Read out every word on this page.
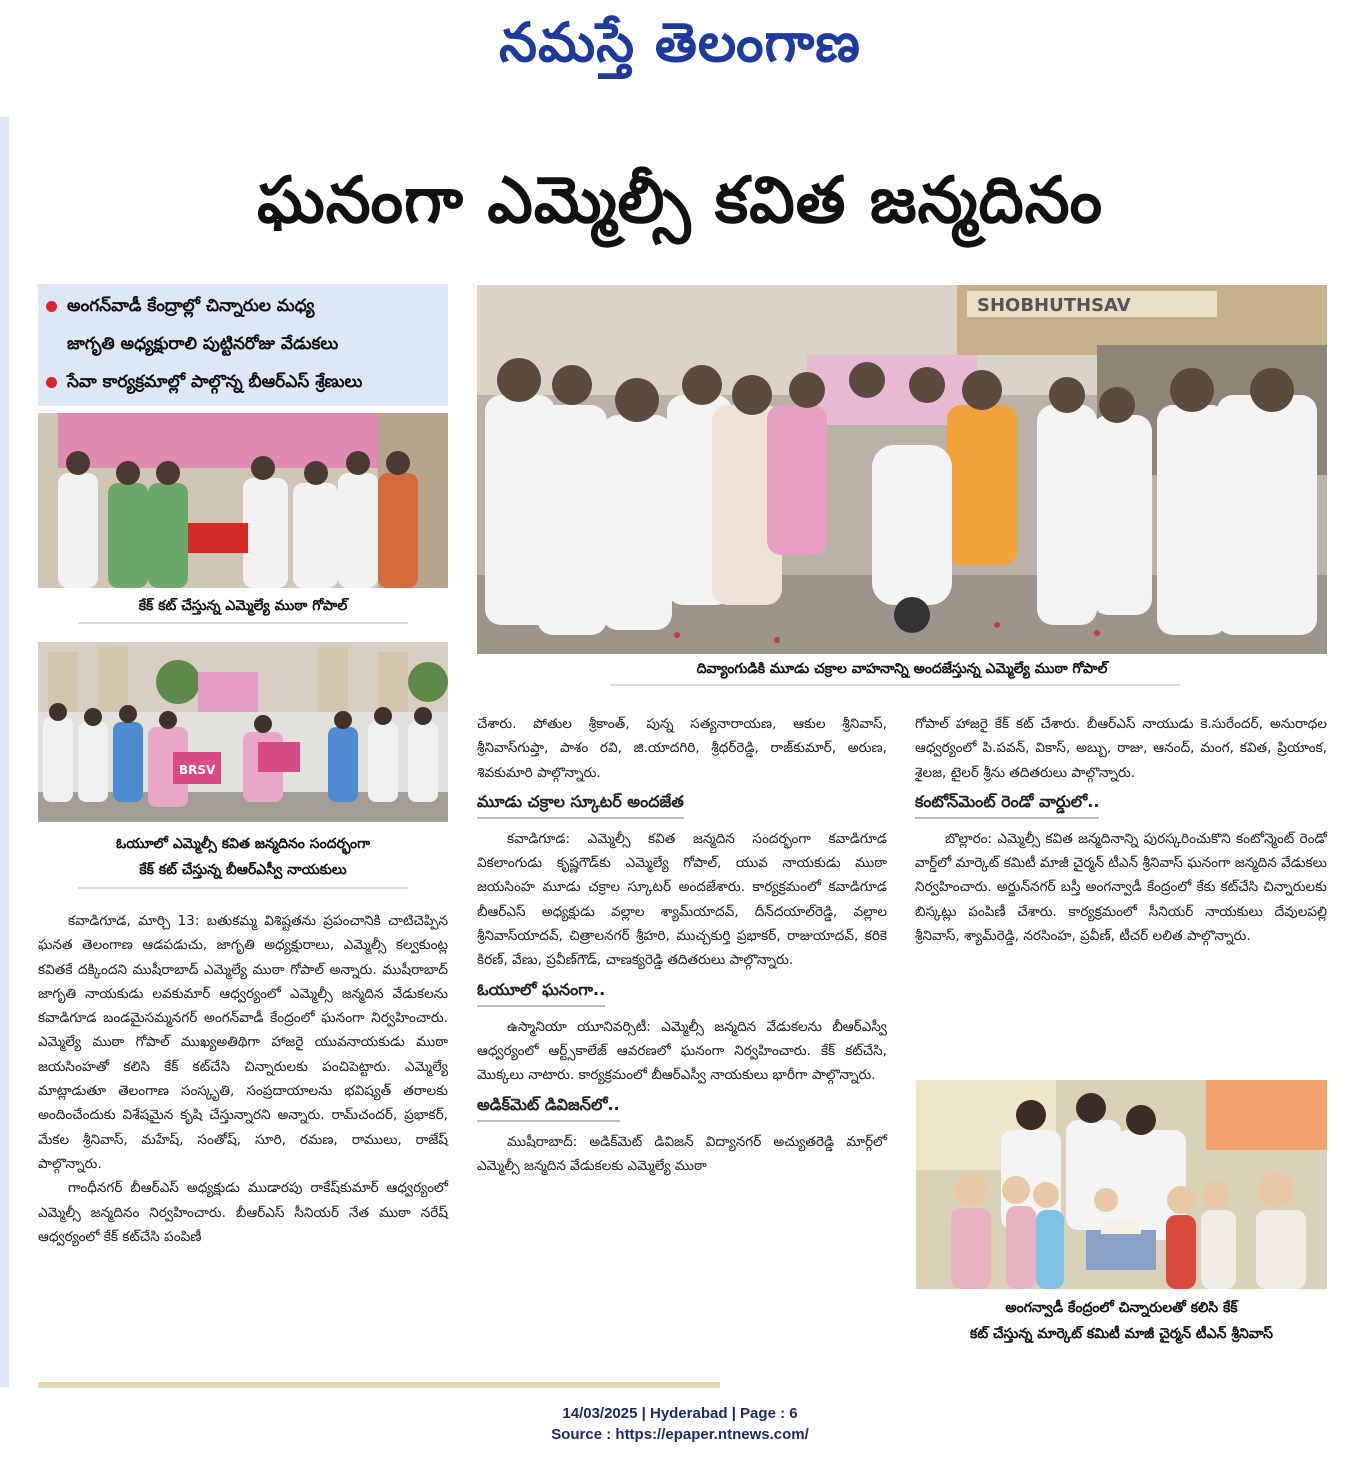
నమస్తే తెలంగాణ
ఘనంగా ఎమ్మెల్సీ కవిత జన్మదినం
అంగన్‌వాడీ కేంద్రాల్లో చిన్నారుల మధ్య
జాగృతి అధ్యక్షురాలి పుట్టినరోజు వేడుకలు
సేవా కార్యక్రమాల్లో పాల్గొన్న బీఆర్‌ఎస్ శ్రేణులు
SHOBHUTHSAV
దివ్యాంగుడికి మూడు చక్రాల వాహనాన్ని అందజేస్తున్న ఎమ్మెల్యే ముఠా గోపాల్
కేక్ కట్ చేస్తున్న ఎమ్మెల్యే ముఠా గోపాల్
BRSV
ఓయూలో ఎమ్మెల్సీ కవిత జన్మదినం సందర్భంగా
కేక్ కట్ చేస్తున్న బీఆర్‌ఎస్వీ నాయకులు

కవాడిగూడ, మార్చి 13: బతుకమ్మ విశిష్టతను ప్రపంచానికి చాటిచెప్పిన ఘనత తెలంగాణ ఆడపడుచు, జాగృతి అధ్యక్షురాలు, ఎమ్మెల్సీ కల్వకుంట్ల కవితకే దక్కిందని ముషీరాబాద్ ఎమ్మెల్యే ముఠా గోపాల్ అన్నారు. ముషీరాబాద్ జాగృతి నాయకుడు లవకుమార్ ఆధ్వర్యంలో ఎమ్మెల్సీ జన్మదిన వేడుకలను కవాడిగూడ బండమైసమ్మనగర్ అంగన్‌వాడీ కేంద్రంలో ఘనంగా నిర్వహించారు. ఎమ్మెల్యే ముఠా గోపాల్ ముఖ్యఅతిథిగా హాజరై యువనాయకుడు ముఠా జయసింహతో కలిసి కేక్ కట్‌చేసి చిన్నారులకు పంచిపెట్టారు. ఎమ్మెల్యే మాట్లాడుతూ తెలంగాణ సంస్కృతి, సంప్రదాయాలను భవిష్యత్ తరాలకు అందించేందుకు విశేషమైన కృషి చేస్తున్నారని అన్నారు. రామ్‌చందర్, ప్రభాకర్, మేకల శ్రీనివాస్, మహేష్, సంతోష్, సూరి, రమణ, రాములు, రాజేష్ పాల్గొన్నారు.

గాంధీనగర్ బీఆర్‌ఎస్ అధ్యక్షుడు ముడారపు రాకేష్‌కుమార్ ఆధ్వర్యంలో ఎమ్మెల్సీ జన్మదినం నిర్వహించారు. బీఆర్‌ఎస్ సీనియర్ నేత ముఠా నరేష్ ఆధ్వర్యంలో కేక్ కట్‌చేసి పంపిణీ

చేశారు. పోతుల శ్రీకాంత్, పున్న సత్యనారాయణ, ఆకుల శ్రీనివాస్, శ్రీనివాస్‌గుప్తా, పాశం రవి, జి.యాదగిరి, శ్రీధర్‌రెడ్డి, రాజ్‌కుమార్, అరుణ, శివకుమారి పాల్గొన్నారు.

మూడు చక్రాల స్కూటర్ అందజేత

కవాడిగూడ: ఎమ్మెల్సీ కవిత జన్మదిన సందర్భంగా కవాడిగూడ వికలాంగుడు కృష్ణగౌడ్‌కు ఎమ్మెల్యే గోపాల్, యువ నాయకుడు ముఠా జయసింహ మూడు చక్రాల స్కూటర్ అందజేశారు. కార్యక్రమంలో కవాడిగూడ బీఆర్‌ఎస్ అధ్యక్షుడు వల్లాల శ్యామ్‌యాదవ్, దీన్‌దయాల్‌రెడ్డి, వల్లాల శ్రీనివాస్‌యాదవ్, చిత్రాలనగర్ శ్రీహరి, ముచ్చకుర్తి ప్రభాకర్, రాజుయాదవ్, కరికె కిరణ్, వేణు, ప్రవీణ్‌గౌడ్, చాణక్యరెడ్డి తదితరులు పాల్గొన్నారు.

ఓయూలో ఘనంగా..

ఉస్మానియా యూనివర్సిటీ: ఎమ్మెల్సీ జన్మదిన వేడుకలను బీఆర్‌ఎస్వీ ఆధ్వర్యంలో ఆర్ట్స్‌కాలేజ్ ఆవరణలో ఘనంగా నిర్వహించారు. కేక్ కట్‌చేసి, మొక్కలు నాటారు. కార్యక్రమంలో బీఆర్‌ఎస్వీ నాయకులు భారీగా పాల్గొన్నారు.

అడిక్‌మెట్ డివిజన్‌లో..

ముషీరాబాద్: అడిక్‌మెట్ డివిజన్ విద్యానగర్ అచ్యుతరెడ్డి మార్గ్‌లో ఎమ్మెల్సీ జన్మదిన వేడుకలకు ఎమ్మెల్యే ముఠా

గోపాల్ హాజరై కేక్ కట్ చేశారు. బీఆర్‌ఎస్ నాయుడు కె.సురేందర్, అనురాధల ఆధ్వర్యంలో పి.పవన్, వికాస్, అబ్బు, రాజు, ఆనంద్, మంగ, కవిత, ప్రియాంక, శైలజ, టైలర్ శ్రీను తదితరులు పాల్గొన్నారు.

కంటోన్‌మెంట్ రెండో వార్డులో..

బొల్లారం: ఎమ్మెల్సీ కవిత జన్మదినాన్ని పురస్కరించుకొని కంటోన్మెంట్ రెండో వార్డ్‌లో మార్కెట్ కమిటీ మాజీ చైర్మన్ టీఎన్ శ్రీనివాస్ ఘనంగా జన్మదిన వేడుకలు నిర్వహించారు. అర్జున్‌నగర్ బస్తీ అంగన్వాడీ కేంద్రంలో కేకు కట్‌చేసి చిన్నారులకు బిస్కట్లు పంపిణీ చేశారు. కార్యక్రమంలో సీనియర్ నాయకులు దేవులపల్లి శ్రీనివాస్, శ్యామ్‌రెడ్డి, నరసింహ, ప్రవీణ్, టీచర్ లలిత పాల్గొన్నారు.

అంగన్వాడీ కేంద్రంలో చిన్నారులతో కలిసి కేక్
కట్ చేస్తున్న మార్కెట్ కమిటీ మాజీ చైర్మన్ టీఎన్ శ్రీనివాస్
14/03/2025 | Hyderabad | Page : 6
Source : https://epaper.ntnews.com/
